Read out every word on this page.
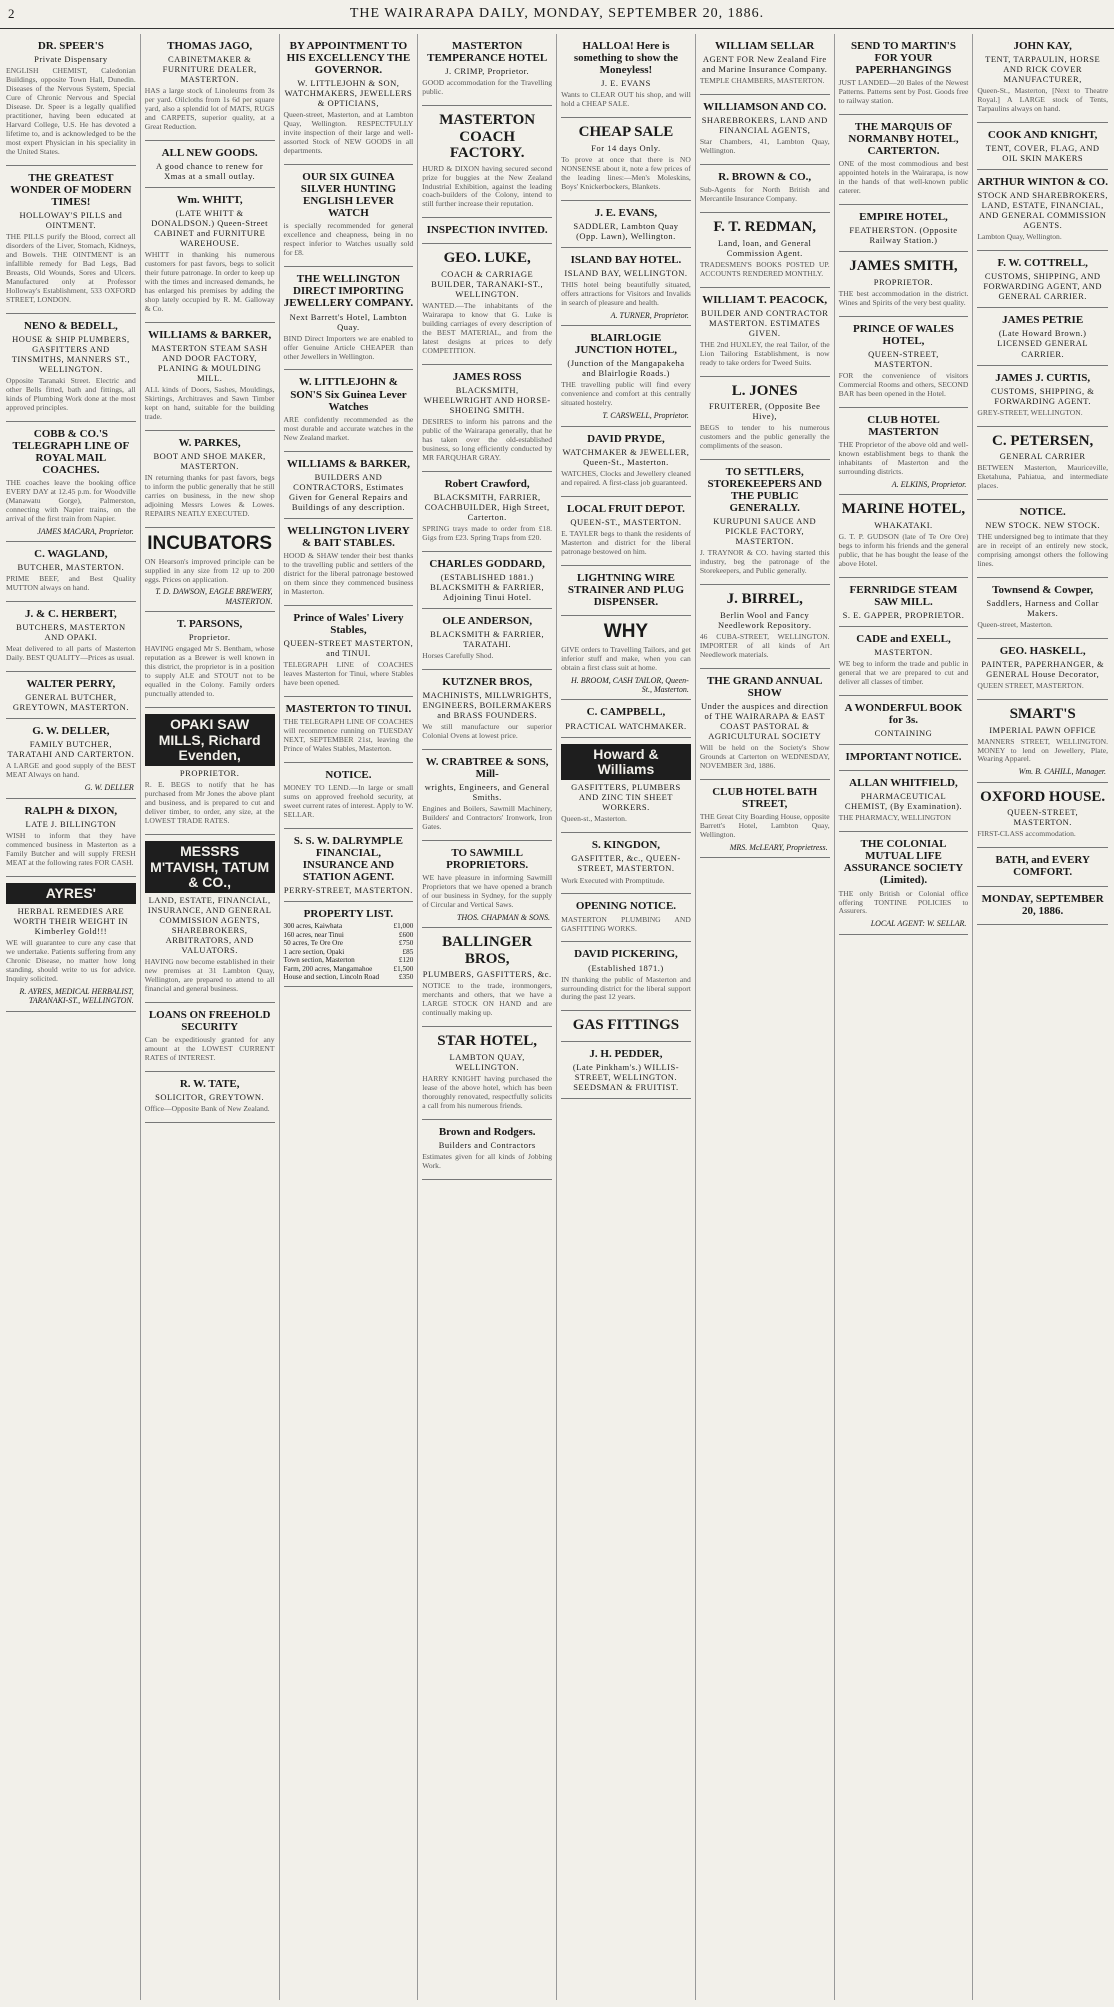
2	THE WAIRARAPA DAILY, MONDAY, SEPTEMBER 20, 1886.
DR. SPEER'S
Private Dispensary
ENGLISH CHEMIST, Caledonian Buildings, opposite Town Hall, Dunedin. Diseases of the Nervous System, Special Cure of Chronic Nervous and Special Disease. Dr. Speer is a legally qualified practitioner, having been educated at Harvard College, U.S. He has devoted a lifetime to, and is acknowledged to be the most expert Physician in his speciality in the United States.
THE GREATEST WONDER OF MODERN TIMES!
HOLLOWAY'S PILLS and OINTMENT.
THE PILLS purify the Blood, correct all disorders of the Liver, Stomach, Kidneys, and Bowels. THE OINTMENT is an infallible remedy for Bad Legs, Bad Breasts, Old Wounds, Sores and Ulcers. Manufactured only at Professor Holloway's Establishment, 533 OXFORD STREET, LONDON.
NENO & BEDELL,
HOUSE & SHIP PLUMBERS, GASFITTERS AND TINSMITHS, MANNERS ST., WELLINGTON.
Opposite Taranaki Street. Electric and other Bells fitted, bath and fittings, all kinds of Plumbing Work done at the most approved principles.
COBB & CO.'S TELEGRAPH LINE OF ROYAL MAIL COACHES.
THE coaches leave the booking office EVERY DAY at 12.45 p.m. for Woodville (Manawatu Gorge), Palmerston, connecting with Napier trains, on the arrival of the first train from Napier.
JAMES MACARA, Proprietor.
C. WAGLAND,
BUTCHER, MASTERTON.
PRIME BEEF, and Best Quality MUTTON always on hand.
J. & C. HERBERT,
BUTCHERS, MASTERTON AND OPAKI.
Meat delivered to all parts of Masterton Daily. BEST QUALITY—Prices as usual.
WALTER PERRY,
GENERAL BUTCHER, GREYTOWN, MASTERTON.
G. W. DELLER,
FAMILY BUTCHER, TARATAHI AND CARTERTON.
A LARGE and good supply of the BEST MEAT Always on hand.
G. W. DELLER
RALPH & DIXON,
LATE J. BILLINGTON
WISH to inform that they have commenced business in Masterton as a Family Butcher and will supply FRESH MEAT at the following rates FOR CASH.
AYRES'
HERBAL REMEDIES ARE WORTH THEIR WEIGHT IN Kimberley Gold!!!
WE will guarantee to cure any case that we undertake. Patients suffering from any Chronic Disease, no matter how long standing, should write to us for advice. Inquiry solicited.
R. AYRES, MEDICAL HERBALIST, TARANAKI-ST., WELLINGTON.
THOMAS JAGO,
CABINETMAKER & FURNITURE DEALER, MASTERTON.
HAS a large stock of Linoleums from 3s per yard. Oilcloths from 1s 6d per square yard, also a splendid lot of MATS, RUGS and CARPETS, superior quality, at a Great Reduction.
ALL NEW GOODS.
A good chance to renew for Xmas at a small outlay.
Wm. WHITT,
(LATE WHITT & DONALDSON.) Queen-Street CABINET and FURNITURE WAREHOUSE.
WHITT in thanking his numerous customers for past favors, begs to solicit their future patronage. In order to keep up with the times and increased demands, he has enlarged his premises by adding the shop lately occupied by R. M. Galloway & Co.
WILLIAMS & BARKER,
MASTERTON STEAM SASH AND DOOR FACTORY, PLANING & MOULDING MILL.
ALL kinds of Doors, Sashes, Mouldings, Skirtings, Architraves and Sawn Timber kept on hand, suitable for the building trade.
W. PARKES,
BOOT AND SHOE MAKER, MASTERTON.
IN returning thanks for past favors, begs to inform the public generally that he still carries on business, in the new shop adjoining Messrs Lowes & Lowes. REPAIRS NEATLY EXECUTED.
INCUBATORS
ON Hearson's improved principle can be supplied in any size from 12 up to 200 eggs. Prices on application.
T. D. DAWSON, EAGLE BREWERY, MASTERTON.
T. PARSONS,
Proprietor.
HAVING engaged Mr S. Bentham, whose reputation as a Brewer is well known in this district, the proprietor is in a position to supply ALE and STOUT not to be equalled in the Colony. Family orders punctually attended to.
OPAKI SAW MILLS, Richard Evenden,
PROPRIETOR.
R. E. BEGS to notify that he has purchased from Mr Jones the above plant and business, and is prepared to cut and deliver timber, to order, any size, at the LOWEST TRADE RATES.
MESSRS M'TAVISH, TATUM & CO.,
LAND, ESTATE, FINANCIAL, INSURANCE, AND GENERAL COMMISSION AGENTS, SHAREBROKERS, ARBITRATORS, AND VALUATORS.
HAVING now become established in their new premises at 31 Lambton Quay, Wellington, are prepared to attend to all financial and general business.
LOANS ON FREEHOLD SECURITY
Can be expeditiously granted for any amount at the LOWEST CURRENT RATES of INTEREST.
R. W. TATE,
SOLICITOR, GREYTOWN.
Office—Opposite Bank of New Zealand.
BY APPOINTMENT TO HIS EXCELLENCY THE GOVERNOR.
W. LITTLEJOHN & SON, WATCHMAKERS, JEWELLERS & OPTICIANS,
Queen-street, Masterton, and at Lambton Quay, Wellington. RESPECTFULLY invite inspection of their large and well-assorted Stock of NEW GOODS in all departments.
OUR SIX GUINEA SILVER HUNTING ENGLISH LEVER WATCH
is specially recommended for general excellence and cheapness, being in no respect inferior to Watches usually sold for £8.
THE WELLINGTON DIRECT IMPORTING JEWELLERY COMPANY.
Next Barrett's Hotel, Lambton Quay.
BIND Direct Importers we are enabled to offer Genuine Article CHEAPER than other Jewellers in Wellington.
W. LITTLEJOHN & SON'S Six Guinea Lever Watches
ARE confidently recommended as the most durable and accurate watches in the New Zealand market.
WILLIAMS & BARKER,
BUILDERS AND CONTRACTORS, Estimates Given for General Repairs and Buildings of any description.
WELLINGTON LIVERY & BAIT STABLES.
HOOD & SHAW tender their best thanks to the travelling public and settlers of the district for the liberal patronage bestowed on them since they commenced business in Masterton.
Prince of Wales' Livery Stables,
QUEEN-STREET MASTERTON, and TINUI.
TELEGRAPH LINE of COACHES leaves Masterton for Tinui, where Stables have been opened.
MASTERTON TO TINUI.
THE TELEGRAPH LINE OF COACHES will recommence running on TUESDAY NEXT, SEPTEMBER 21st, leaving the Prince of Wales Stables, Masterton.
NOTICE.
MONEY TO LEND.—In large or small sums on approved freehold security, at sweet current rates of interest. Apply to W. SELLAR.
S. S. W. DALRYMPLE FINANCIAL, INSURANCE AND STATION AGENT.
PERRY-STREET, MASTERTON.
PROPERTY LIST.
300 acres, Kaiwhata	£1,000
160 acres, near Tinui	£600
50 acres, Te Ore Ore	£750
1 acre section, Opaki	£85
Town section, Masterton	£120
Farm, 200 acres, Mangamahoe	£1,500
House and section, Lincoln Road	£350
MASTERTON TEMPERANCE HOTEL
J. CRIMP, Proprietor.
GOOD accommodation for the Travelling public.
MASTERTON COACH FACTORY.
HURD & DIXON having secured second prize for buggies at the New Zealand Industrial Exhibition, against the leading coach-builders of the Colony, intend to still further increase their reputation.
INSPECTION INVITED.
GEO. LUKE,
COACH & CARRIAGE BUILDER, TARANAKI-ST., WELLINGTON.
WANTED.—The inhabitants of the Wairarapa to know that G. Luke is building carriages of every description of the BEST MATERIAL, and from the latest designs at prices to defy COMPETITION.
JAMES ROSS
BLACKSMITH, WHEELWRIGHT AND HORSE-SHOEING SMITH.
DESIRES to inform his patrons and the public of the Wairarapa generally, that he has taken over the old-established business, so long efficiently conducted by MR FARQUHAR GRAY.
Robert Crawford,
BLACKSMITH, FARRIER, COACHBUILDER, High Street, Carterton.
SPRING trays made to order from £18. Gigs from £23. Spring Traps from £20.
CHARLES GODDARD,
(ESTABLISHED 1881.) BLACKSMITH & FARRIER, Adjoining Tinui Hotel.
OLE ANDERSON,
BLACKSMITH & FARRIER, TARATAHI.
Horses Carefully Shod.
KUTZNER BROS,
MACHINISTS, MILLWRIGHTS, ENGINEERS, BOILERMAKERS and BRASS FOUNDERS.
We still manufacture our superior Colonial Ovens at lowest price.
W. CRABTREE & SONS, Mill-
wrights, Engineers, and General Smiths.
Engines and Boilers, Sawmill Machinery, Builders' and Contractors' Ironwork, Iron Gates.
TO SAWMILL PROPRIETORS.
WE have pleasure in informing Sawmill Proprietors that we have opened a branch of our business in Sydney, for the supply of Circular and Vertical Saws.
THOS. CHAPMAN & SONS.
BALLINGER BROS,
PLUMBERS, GASFITTERS, &c.
NOTICE to the trade, ironmongers, merchants and others, that we have a LARGE STOCK ON HAND and are continually making up.
STAR HOTEL,
LAMBTON QUAY, WELLINGTON.
HARRY KNIGHT having purchased the lease of the above hotel, which has been thoroughly renovated, respectfully solicits a call from his numerous friends.
Brown and Rodgers.
Builders and Contractors
Estimates given for all kinds of Jobbing Work.
HALLOA! Here is something to show the Moneyless!
J. E. EVANS
Wants to CLEAR OUT his shop, and will hold a CHEAP SALE.
CHEAP SALE
For 14 days Only.
To prove at once that there is NO NONSENSE about it, note a few prices of the leading lines:—Men's Moleskins, Boys' Knickerbockers, Blankets.
J. E. EVANS,
SADDLER, Lambton Quay (Opp. Lawn), Wellington.
ISLAND BAY HOTEL.
ISLAND BAY, WELLINGTON.
THIS hotel being beautifully situated, offers attractions for Visitors and Invalids in search of pleasure and health.
A. TURNER, Proprietor.
BLAIRLOGIE JUNCTION HOTEL,
(Junction of the Mangapakeha and Blairlogie Roads.)
THE travelling public will find every convenience and comfort at this centrally situated hostelry.
T. CARSWELL, Proprietor.
DAVID PRYDE,
WATCHMAKER & JEWELLER, Queen-St., Masterton.
WATCHES, Clocks and Jewellery cleaned and repaired. A first-class job guaranteed.
LOCAL FRUIT DEPOT.
QUEEN-ST., MASTERTON.
E. TAYLER begs to thank the residents of Masterton and district for the liberal patronage bestowed on him.
LIGHTNING WIRE STRAINER AND PLUG DISPENSER.
WHY
GIVE orders to Travelling Tailors, and get inferior stuff and make, when you can obtain a first class suit at home.
H. BROOM, CASH TAILOR, Queen-St., Masterton.
C. CAMPBELL,
PRACTICAL WATCHMAKER.
Howard & Williams
GASFITTERS, PLUMBERS AND ZINC TIN SHEET WORKERS.
Queen-st., Masterton.
S. KINGDON,
GASFITTER, &c., QUEEN-STREET, MASTERTON.
Work Executed with Promptitude.
OPENING NOTICE.
MASTERTON PLUMBING AND GASFITTING WORKS.
DAVID PICKERING,
(Established 1871.)
IN thanking the public of Masterton and surrounding district for the liberal support during the past 12 years.
GAS FITTINGS
J. H. PEDDER,
(Late Pinkham's.) WILLIS-STREET, WELLINGTON. SEEDSMAN & FRUITIST.
WILLIAM SELLAR
AGENT FOR New Zealand Fire and Marine Insurance Company.
TEMPLE CHAMBERS, MASTERTON.
WILLIAMSON AND CO.
SHAREBROKERS, LAND AND FINANCIAL AGENTS,
Star Chambers, 41, Lambton Quay, Wellington.
R. BROWN & CO.,
Sub-Agents for North British and Mercantile Insurance Company.
F. T. REDMAN,
Land, loan, and General Commission Agent.
TRADESMEN'S BOOKS POSTED UP. ACCOUNTS RENDERED MONTHLY.
WILLIAM T. PEACOCK,
BUILDER AND CONTRACTOR MASTERTON. ESTIMATES GIVEN.
THE 2nd HUXLEY, the real Tailor, of the Lion Tailoring Establishment, is now ready to take orders for Tweed Suits.
L. JONES
FRUITERER, (Opposite Bee Hive),
BEGS to tender to his numerous customers and the public generally the compliments of the season.
TO SETTLERS, STOREKEEPERS AND THE PUBLIC GENERALLY.
KURUPUNI SAUCE AND PICKLE FACTORY, MASTERTON.
J. TRAYNOR & CO. having started this industry, beg the patronage of the Storekeepers, and Public generally.
J. BIRREL,
Berlin Wool and Fancy Needlework Repository.
46 CUBA-STREET, WELLINGTON. IMPORTER of all kinds of Art Needlework materials.
THE GRAND ANNUAL SHOW
Under the auspices and direction of THE WAIRARAPA & EAST COAST PASTORAL & AGRICULTURAL SOCIETY
Will be held on the Society's Show Grounds at Carterton on WEDNESDAY, NOVEMBER 3rd, 1886.
CLUB HOTEL BATH STREET,
THE Great City Boarding House, opposite Barrett's Hotel, Lambton Quay, Wellington.
MRS. McLEARY, Proprietress.
SEND TO MARTIN'S FOR YOUR PAPERHANGINGS
JUST LANDED—20 Bales of the Newest Patterns. Patterns sent by Post. Goods free to railway station.
THE MARQUIS OF NORMANBY HOTEL, CARTERTON.
ONE of the most commodious and best appointed hotels in the Wairarapa, is now in the hands of that well-known public caterer.
EMPIRE HOTEL,
FEATHERSTON. (Opposite Railway Station.)
JAMES SMITH,
PROPRIETOR.
THE best accommodation in the district. Wines and Spirits of the very best quality.
PRINCE OF WALES HOTEL,
QUEEN-STREET, MASTERTON.
FOR the convenience of visitors Commercial Rooms and others, SECOND BAR has been opened in the Hotel.
CLUB HOTEL MASTERTON
THE Proprietor of the above old and well-known establishment begs to thank the inhabitants of Masterton and the surrounding districts.
A. ELKINS, Proprietor.
MARINE HOTEL,
WHAKATAKI.
G. T. P. GUDSON (late of Te Ore Ore) begs to inform his friends and the general public, that he has bought the lease of the above Hotel.
FERNRIDGE STEAM SAW MILL.
S. E. GAPPER, PROPRIETOR.
CADE and EXELL,
MASTERTON.
WE beg to inform the trade and public in general that we are prepared to cut and deliver all classes of timber.
A WONDERFUL BOOK for 3s.
CONTAINING
IMPORTANT NOTICE.
ALLAN WHITFIELD,
PHARMACEUTICAL CHEMIST, (By Examination).
THE PHARMACY, WELLINGTON
THE COLONIAL MUTUAL LIFE ASSURANCE SOCIETY (Limited).
THE only British or Colonial office offering TONTINE POLICIES to Assurers.
LOCAL AGENT: W. SELLAR.
JOHN KAY,
TENT, TARPAULIN, HORSE AND RICK COVER MANUFACTURER,
Queen-St., Masterton, [Next to Theatre Royal.] A LARGE stock of Tents, Tarpaulins always on hand.
COOK AND KNIGHT,
TENT, COVER, FLAG, AND OIL SKIN MAKERS
ARTHUR WINTON & CO.
STOCK AND SHAREBROKERS, LAND, ESTATE, FINANCIAL, AND GENERAL COMMISSION AGENTS.
Lambton Quay, Wellington.
F. W. COTTRELL,
CUSTOMS, SHIPPING, AND FORWARDING AGENT, AND GENERAL CARRIER.
JAMES PETRIE
(Late Howard Brown.) LICENSED GENERAL CARRIER.
JAMES J. CURTIS,
CUSTOMS, SHIPPING, & FORWARDING AGENT.
GREY-STREET, WELLINGTON.
C. PETERSEN,
GENERAL CARRIER
BETWEEN Masterton, Mauriceville, Eketahuna, Pahiatua, and intermediate places.
NOTICE.
NEW STOCK. NEW STOCK.
THE undersigned beg to intimate that they are in receipt of an entirely new stock, comprising amongst others the following lines.
Townsend & Cowper,
Saddlers, Harness and Collar Makers.
Queen-street, Masterton.
GEO. HASKELL,
PAINTER, PAPERHANGER, & GENERAL House Decorator,
QUEEN STREET, MASTERTON.
SMART'S
IMPERIAL PAWN OFFICE
MANNERS STREET, WELLINGTON. MONEY to lend on Jewellery, Plate, Wearing Apparel.
Wm. B. CAHILL, Manager.
OXFORD HOUSE.
QUEEN-STREET, MASTERTON.
FIRST-CLASS accommodation.
BATH, and EVERY COMFORT.
MONDAY, SEPTEMBER 20, 1886.
